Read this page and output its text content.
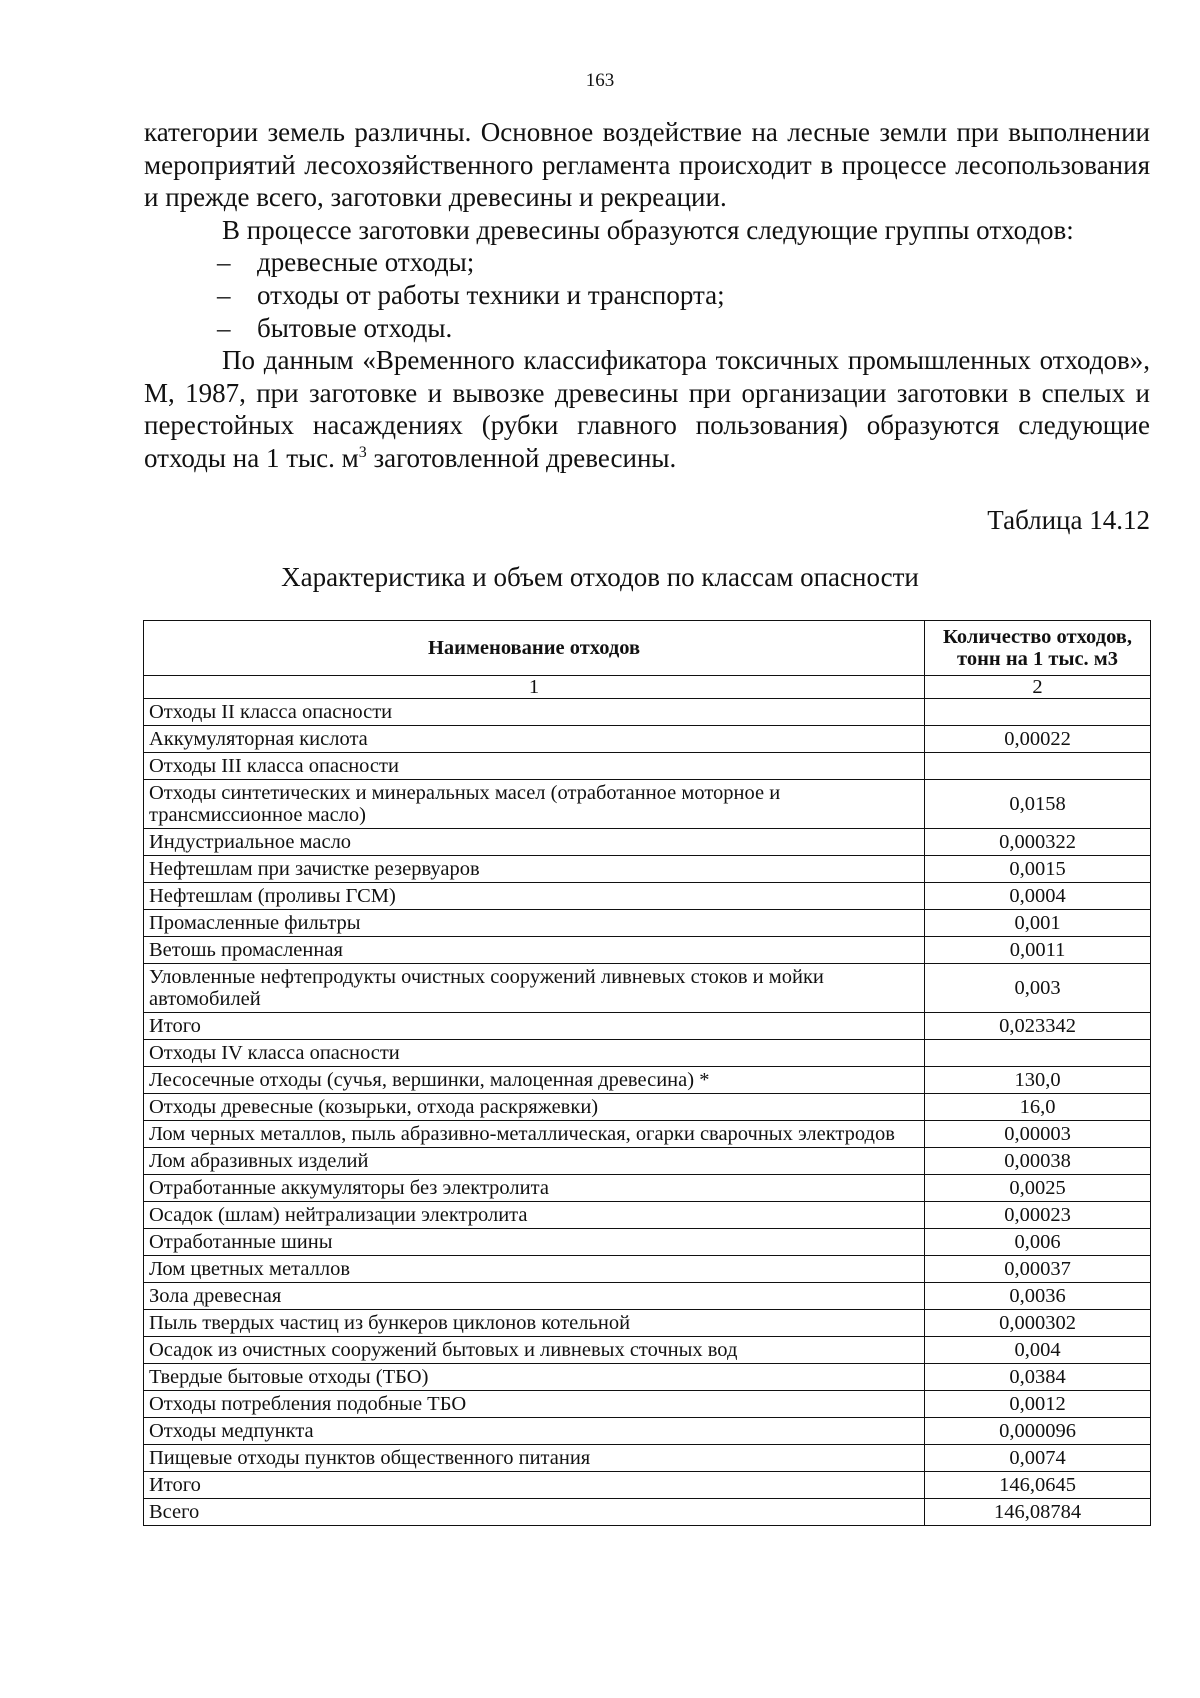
163

категории земель различны. Основное воздействие на лесные земли при выполнении мероприятий лесохозяйственного регламента происходит в процессе лесопользования и прежде всего, заготовки древесины и рекреации.

В процессе заготовки древесины образуются следующие группы отходов:

– древесные отходы;
– отходы от работы техники и транспорта;
– бытовые отходы.

По данным «Временного классификатора токсичных промышленных отходов», М, 1987, при заготовке и вывозке древесины при организации заготовки в спелых и перестойных насаждениях (рубки главного пользования) образуются следующие отходы на 1 тыс. $м^3$ заготовленной древесины.

Таблица 14.12
Характеристика и объем отходов по классам опасности
Наименование отходов	Количество отходов,
тонн на 1 тыс. м3
1	2
Отходы II класса опасности	
Аккумуляторная кислота	0,00022
Отходы III класса опасности	
Отходы синтетических и минеральных масел (отработанное моторное и трансмиссионное масло)	0,0158
Индустриальное масло	0,000322
Нефтешлам при зачистке резервуаров	0,0015
Нефтешлам (проливы ГСМ)	0,0004
Промасленные фильтры	0,001
Ветошь промасленная	0,0011
Уловленные нефтепродукты очистных сооружений ливневых стоков и мойки автомобилей	0,003
Итого	0,023342
Отходы IV класса опасности	
Лесосечные отходы (сучья, вершинки, малоценная древесина) *	130,0
Отходы древесные (козырьки, отхода раскряжевки)	16,0
Лом черных металлов, пыль абразивно-металлическая, огарки сварочных электродов	0,00003
Лом абразивных изделий	0,00038
Отработанные аккумуляторы без электролита	0,0025
Осадок (шлам) нейтрализации электролита	0,00023
Отработанные шины	0,006
Лом цветных металлов	0,00037
Зола древесная	0,0036
Пыль твердых частиц из бункеров циклонов котельной	0,000302
Осадок из очистных сооружений бытовых и ливневых сточных вод	0,004
Твердые бытовые отходы (ТБО)	0,0384
Отходы потребления подобные ТБО	0,0012
Отходы медпункта	0,000096
Пищевые отходы пунктов общественного питания	0,0074
Итого	146,0645
Всего	146,08784
